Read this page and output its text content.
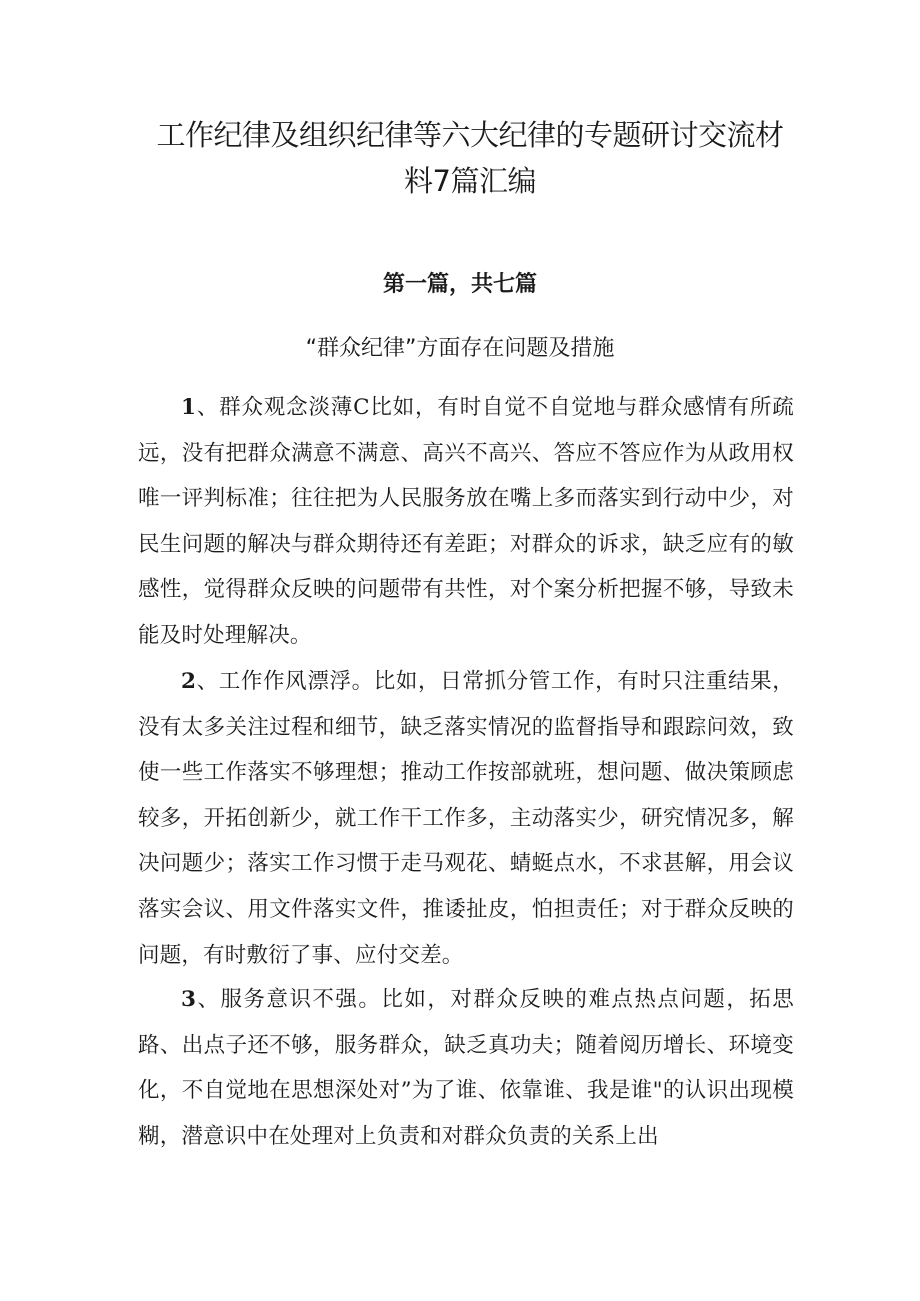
工作纪律及组织纪律等六大纪律的专题研讨交流材
料7篇汇编
第一篇，共七篇
“群众纪律”方面存在问题及措施

1、群众观念淡薄C比如，有时自觉不自觉地与群众感情有所疏远，没有把群众满意不满意、高兴不高兴、答应不答应作为从政用权唯一评判标准；往往把为人民服务放在嘴上多而落实到行动中少，对民生问题的解决与群众期待还有差距；对群众的诉求，缺乏应有的敏感性，觉得群众反映的问题带有共性，对个案分析把握不够，导致未能及时处理解决。

2、工作作风漂浮。比如，日常抓分管工作，有时只注重结果，没有太多关注过程和细节，缺乏落实情况的监督指导和跟踪问效，致使一些工作落实不够理想；推动工作按部就班，想问题、做决策顾虑较多，开拓创新少，就工作干工作多，主动落实少，研究情况多，解决问题少；落实工作习惯于走马观花、蜻蜓点水，不求甚解，用会议落实会议、用文件落实文件，推诿扯皮，怕担责任；对于群众反映的问题，有时敷衍了事、应付交差。

3、服务意识不强。比如，对群众反映的难点热点问题，拓思路、出点子还不够，服务群众，缺乏真功夫；随着阅历增长、环境变化，不自觉地在思想深处对”为了谁、依靠谁、我是谁"的认识出现模糊，潜意识中在处理对上负责和对群众负责的关系上出
